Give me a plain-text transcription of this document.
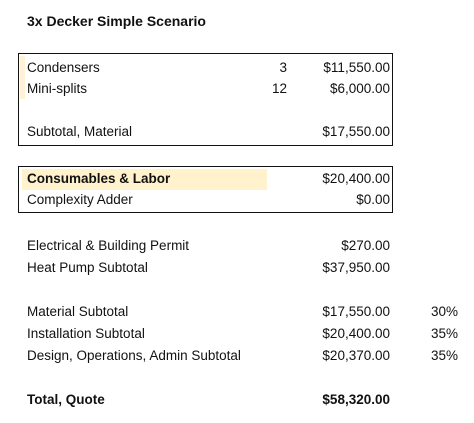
3x Decker Simple Scenario
Condensers	3	$11,550.00
Mini-splits	12	$6,000.00
Subtotal, Material	$17,550.00
Consumables & Labor	$20,400.00
Complexity Adder	$0.00
Electrical & Building Permit	$270.00
Heat Pump Subtotal	$37,950.00
Material Subtotal	$17,550.00	30%
Installation Subtotal	$20,400.00	35%
Design, Operations, Admin Subtotal	$20,370.00	35%
Total, Quote	$58,320.00
